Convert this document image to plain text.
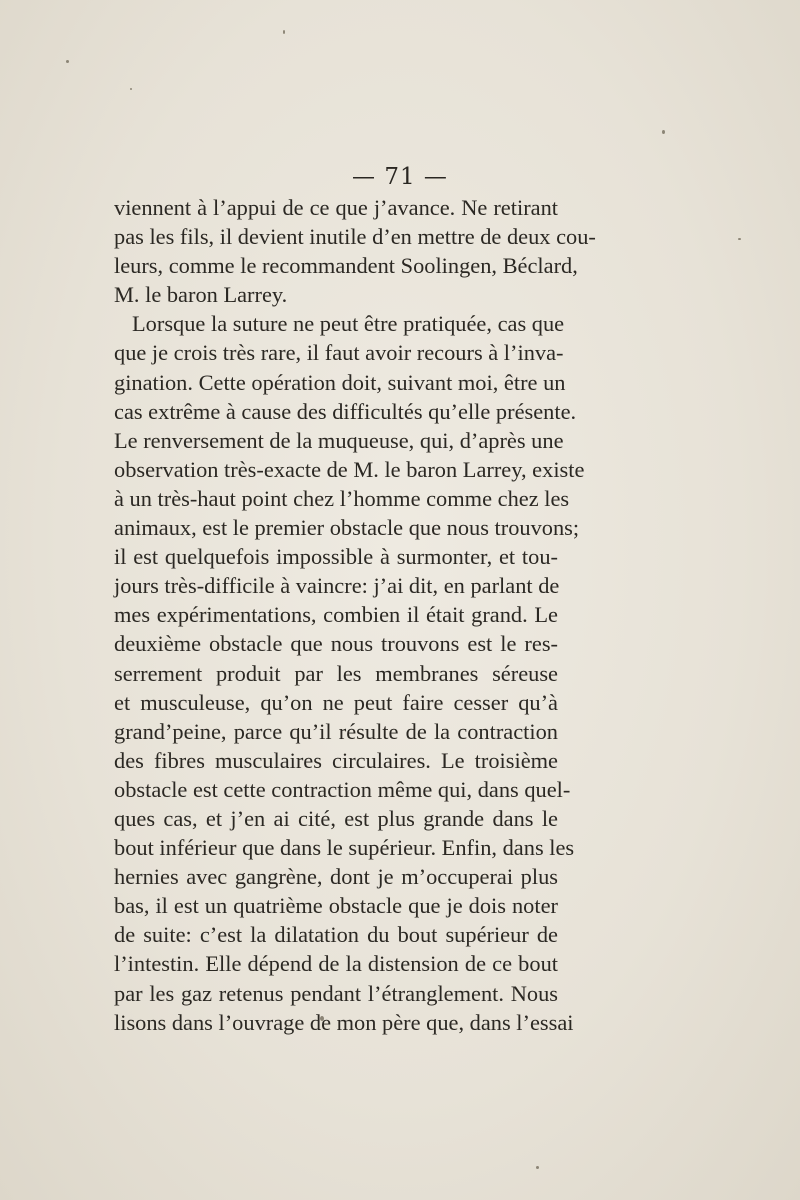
— 71 —
viennent à l’appui de ce que j’avance. Ne retirant
pas les fils, il devient inutile d’en mettre de deux cou-
leurs, comme le recommandent Soolingen, Béclard,
M. le baron Larrey.
Lorsque la suture ne peut être pratiquée, cas que
que je crois très rare, il faut avoir recours à l’inva-
gination. Cette opération doit, suivant moi, être un
cas extrême à cause des difficultés qu’elle présente.
Le renversement de la muqueuse, qui, d’après une
observation très-exacte de M. le baron Larrey, existe
à un très-haut point chez l’homme comme chez les
animaux, est le premier obstacle que nous trouvons;
il est quelquefois impossible à surmonter, et tou-
jours très-difficile à vaincre: j’ai dit, en parlant de
mes expérimentations, combien il était grand. Le
deuxième obstacle que nous trouvons est le res-
serrement produit par les membranes séreuse
et musculeuse, qu’on ne peut faire cesser qu’à
grand’peine, parce qu’il résulte de la contraction
des fibres musculaires circulaires. Le troisième
obstacle est cette contraction même qui, dans quel-
ques cas, et j’en ai cité, est plus grande dans le
bout inférieur que dans le supérieur. Enfin, dans les
hernies avec gangrène, dont je m’occuperai plus
bas, il est un quatrième obstacle que je dois noter
de suite: c’est la dilatation du bout supérieur de
l’intestin. Elle dépend de la distension de ce bout
par les gaz retenus pendant l’étranglement. Nous
lisons dans l’ouvrage de mon père que, dans l’essai
